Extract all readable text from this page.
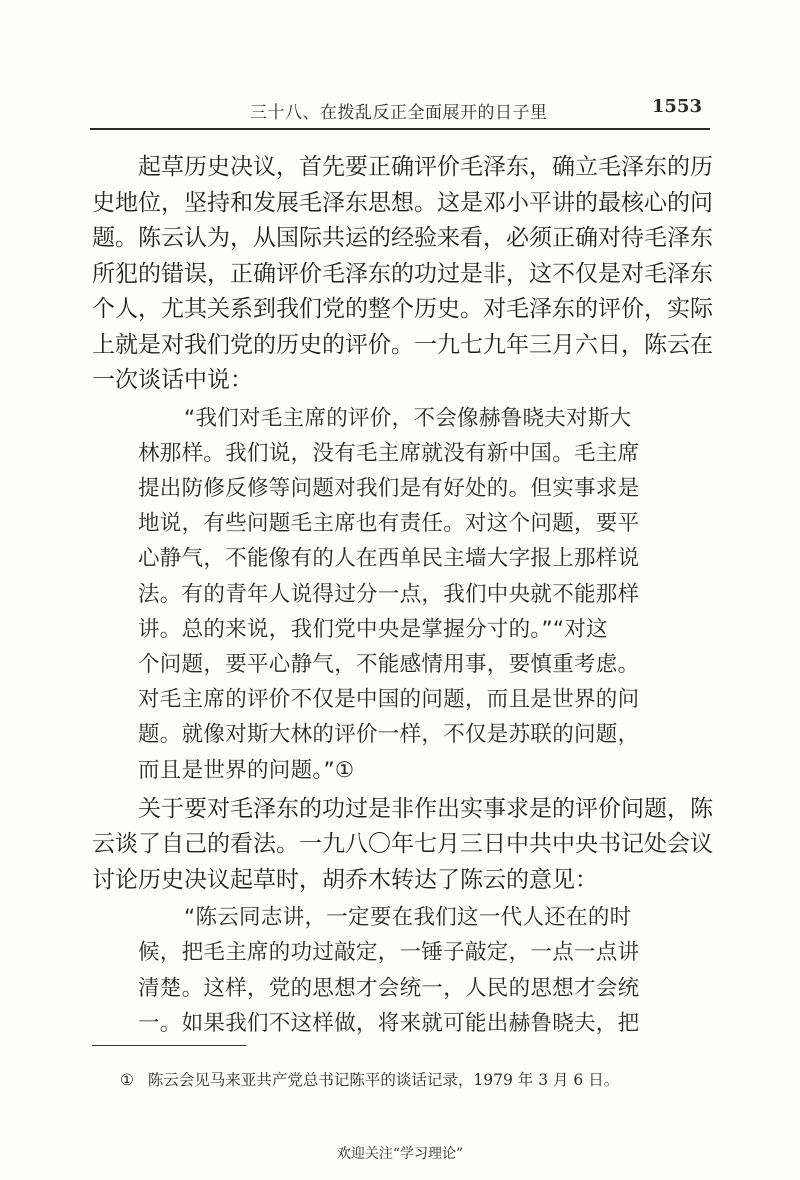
三十八、在拨乱反正全面展开的日子里	1553

起草历史决议，首先要正确评价毛泽东，确立毛泽东的历
史地位，坚持和发展毛泽东思想。这是邓小平讲的最核心的问
题。陈云认为，从国际共运的经验来看，必须正确对待毛泽东
所犯的错误，正确评价毛泽东的功过是非，这不仅是对毛泽东
个人，尤其关系到我们党的整个历史。对毛泽东的评价，实际
上就是对我们党的历史的评价。一九七九年三月六日，陈云在
一次谈话中说：

“我们对毛主席的评价，不会像赫鲁晓夫对斯大
林那样。我们说，没有毛主席就没有新中国。毛主席
提出防修反修等问题对我们是有好处的。但实事求是
地说，有些问题毛主席也有责任。对这个问题，要平
心静气，不能像有的人在西单民主墙大字报上那样说
法。有的青年人说得过分一点，我们中央就不能那样
讲。总的来说，我们党中央是掌握分寸的。”“对这
个问题，要平心静气，不能感情用事，要慎重考虑。
对毛主席的评价不仅是中国的问题，而且是世界的问
题。就像对斯大林的评价一样，不仅是苏联的问题，
而且是世界的问题。”①

关于要对毛泽东的功过是非作出实事求是的评价问题，陈
云谈了自己的看法。一九八〇年七月三日中共中央书记处会议
讨论历史决议起草时，胡乔木转达了陈云的意见：

“陈云同志讲，一定要在我们这一代人还在的时
候，把毛主席的功过敲定，一锤子敲定，一点一点讲
清楚。这样，党的思想才会统一，人民的思想才会统
一。如果我们不这样做，将来就可能出赫鲁晓夫，把

① 陈云会见马来亚共产党总书记陈平的谈话记录，1979 年 3 月 6 日。
欢迎关注“学习理论”
